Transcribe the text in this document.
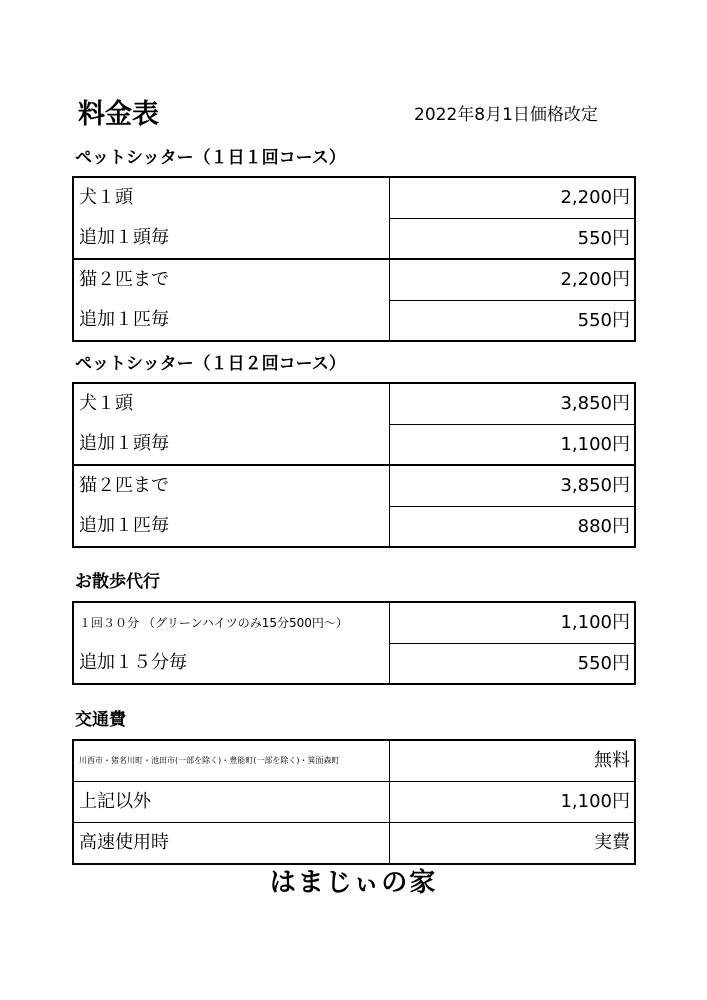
料金表	2022年8月1日価格改定
ペットシッター（１日１回コース）
犬１頭	2,200円
追加１頭毎	550円
猫２匹まで	2,200円
追加１匹毎	550円
ペットシッター（１日２回コース）
犬１頭	3,850円
追加１頭毎	1,100円
猫２匹まで	3,850円
追加１匹毎	880円
お散歩代行
１回３０分 （グリーンハイツのみ15分500円〜）	1,100円
追加１５分毎	550円
交通費
川西市・猪名川町・池田市(一部を除く)・豊能町(一部を除く)・箕面森町	無料
上記以外	1,100円
高速使用時	実費
はまじぃの家
